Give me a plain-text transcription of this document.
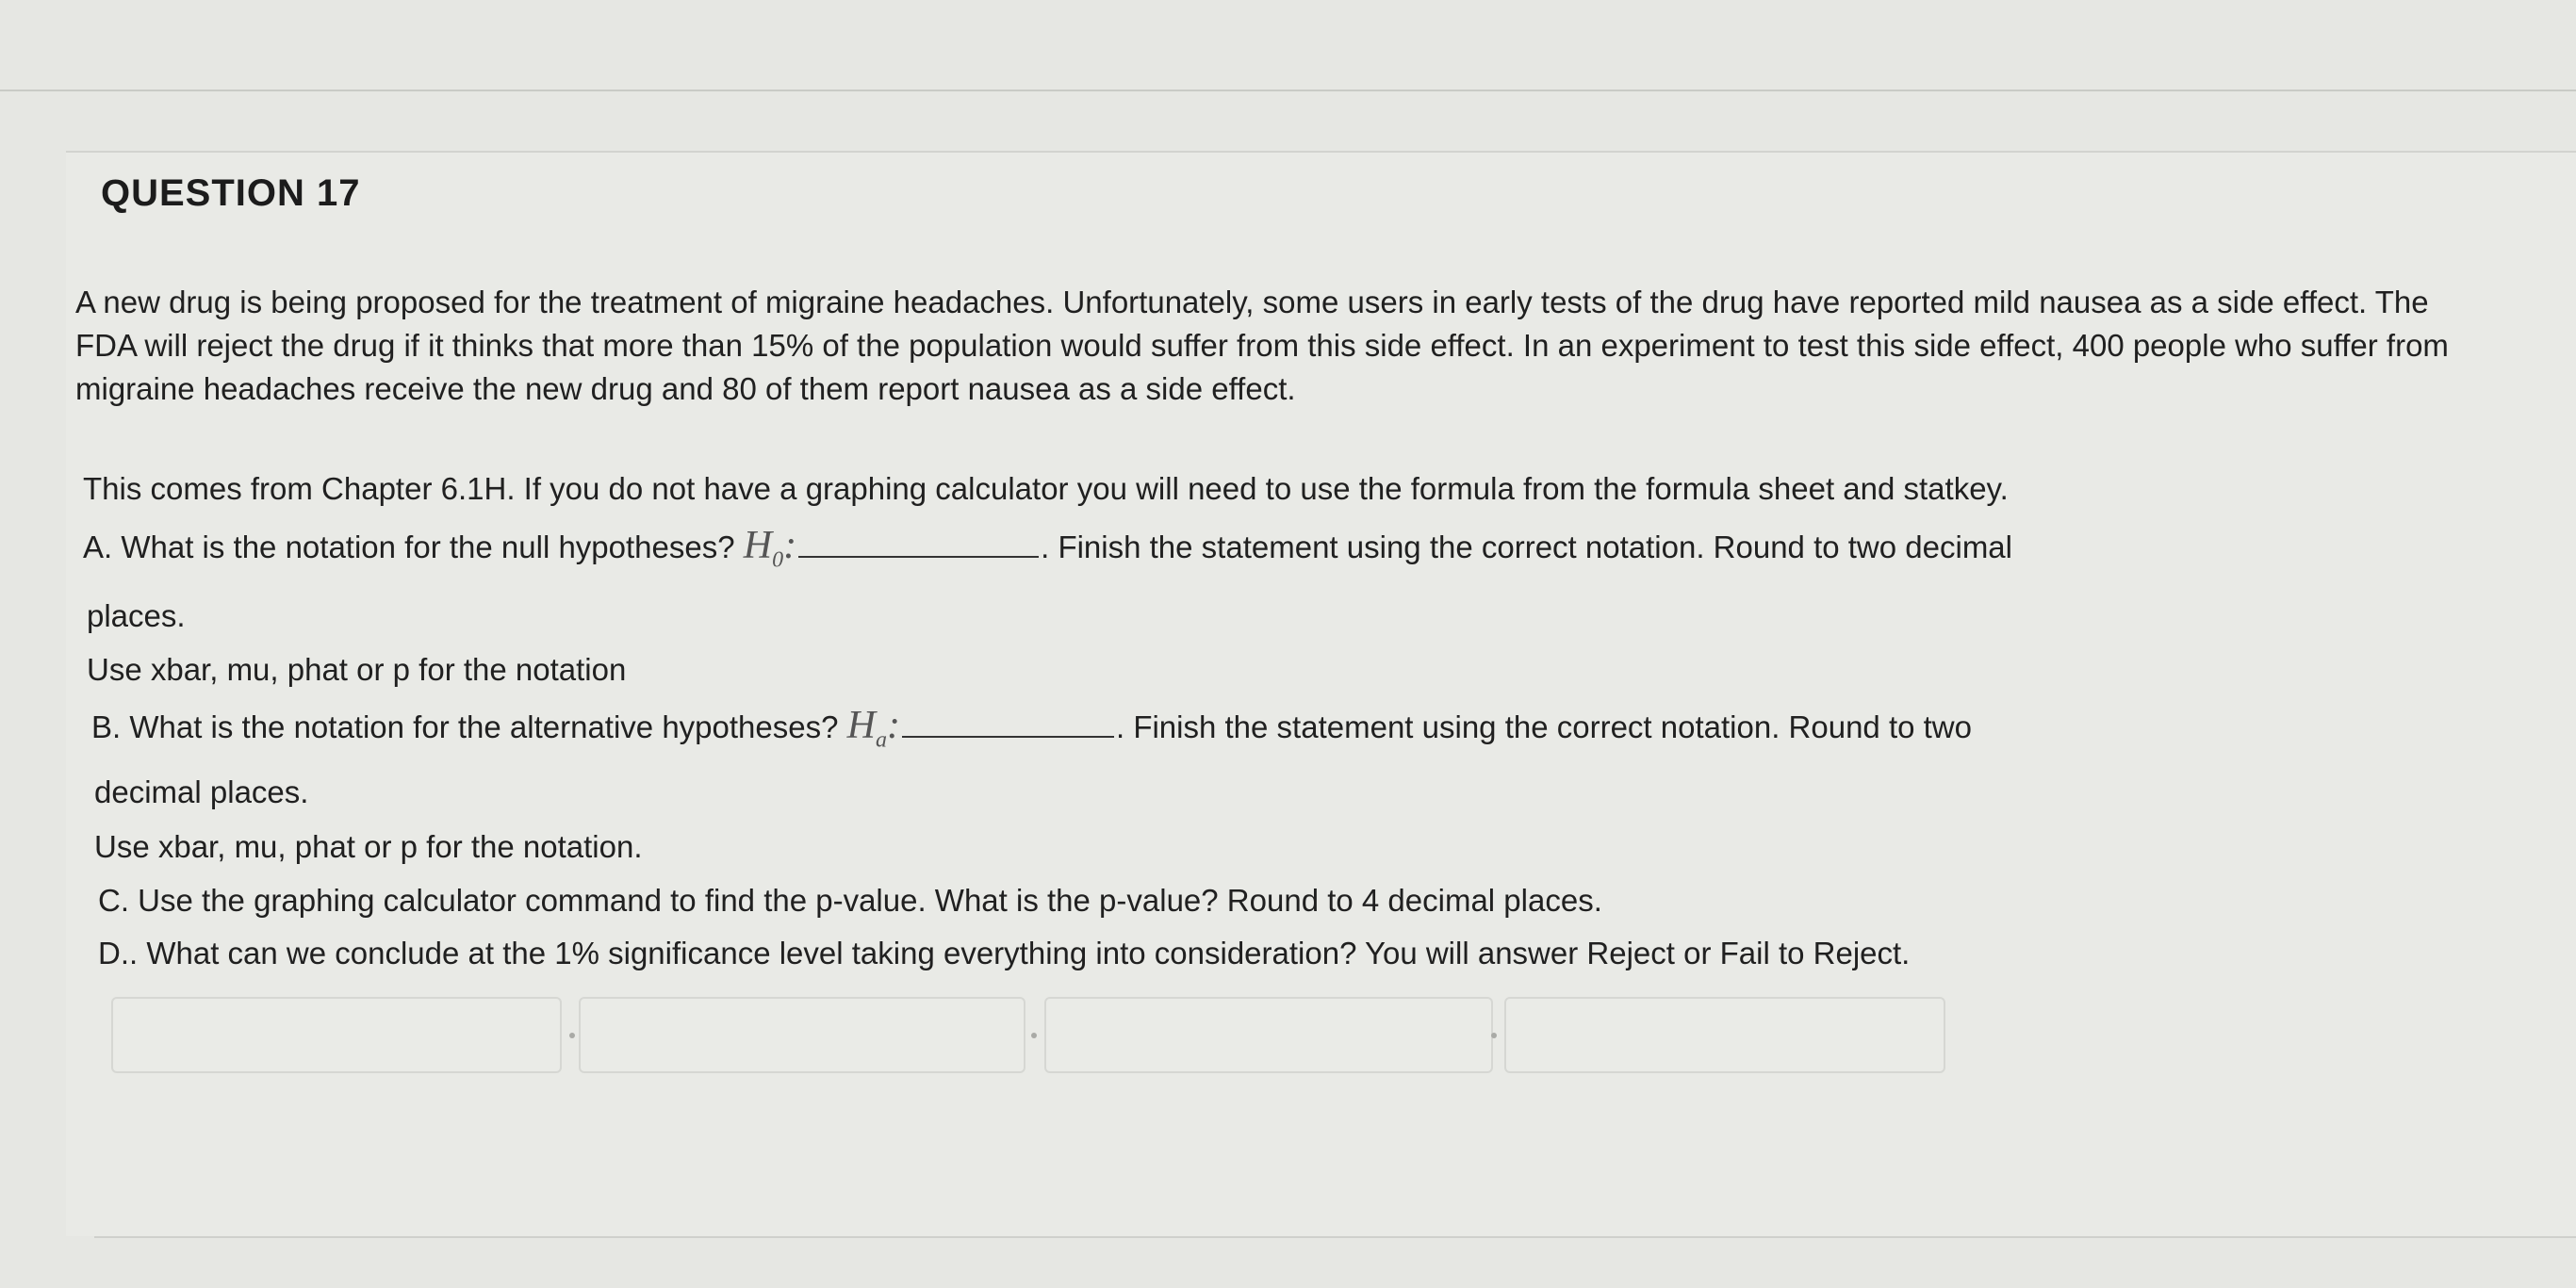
QUESTION 17
A new drug is being proposed for the treatment of migraine headaches. Unfortunately, some users in early tests of the drug have reported mild nausea as a side effect. The FDA will reject the drug if it thinks that more than 15% of the population would suffer from this side effect. In an experiment to test this side effect, 400 people who suffer from migraine headaches receive the new drug and 80 of them report nausea as a side effect.
This comes from Chapter 6.1H. If you do not have a graphing calculator you will need to use the formula from the formula sheet and statkey.
A. What is the notation for the null hypotheses? $H_0$:	. Finish the statement using the correct notation. Round to two decimal
places.
Use xbar, mu, phat or p for the notation
B. What is the notation for the alternative hypotheses? $H_a$:	. Finish the statement using the correct notation. Round to two
decimal places.
Use xbar, mu, phat or p for the notation.
C. Use the graphing calculator command to find the p-value. What is the p-value? Round to 4 decimal places.
D.. What can we conclude at the 1% significance level taking everything into consideration? You will answer Reject or Fail to Reject.
